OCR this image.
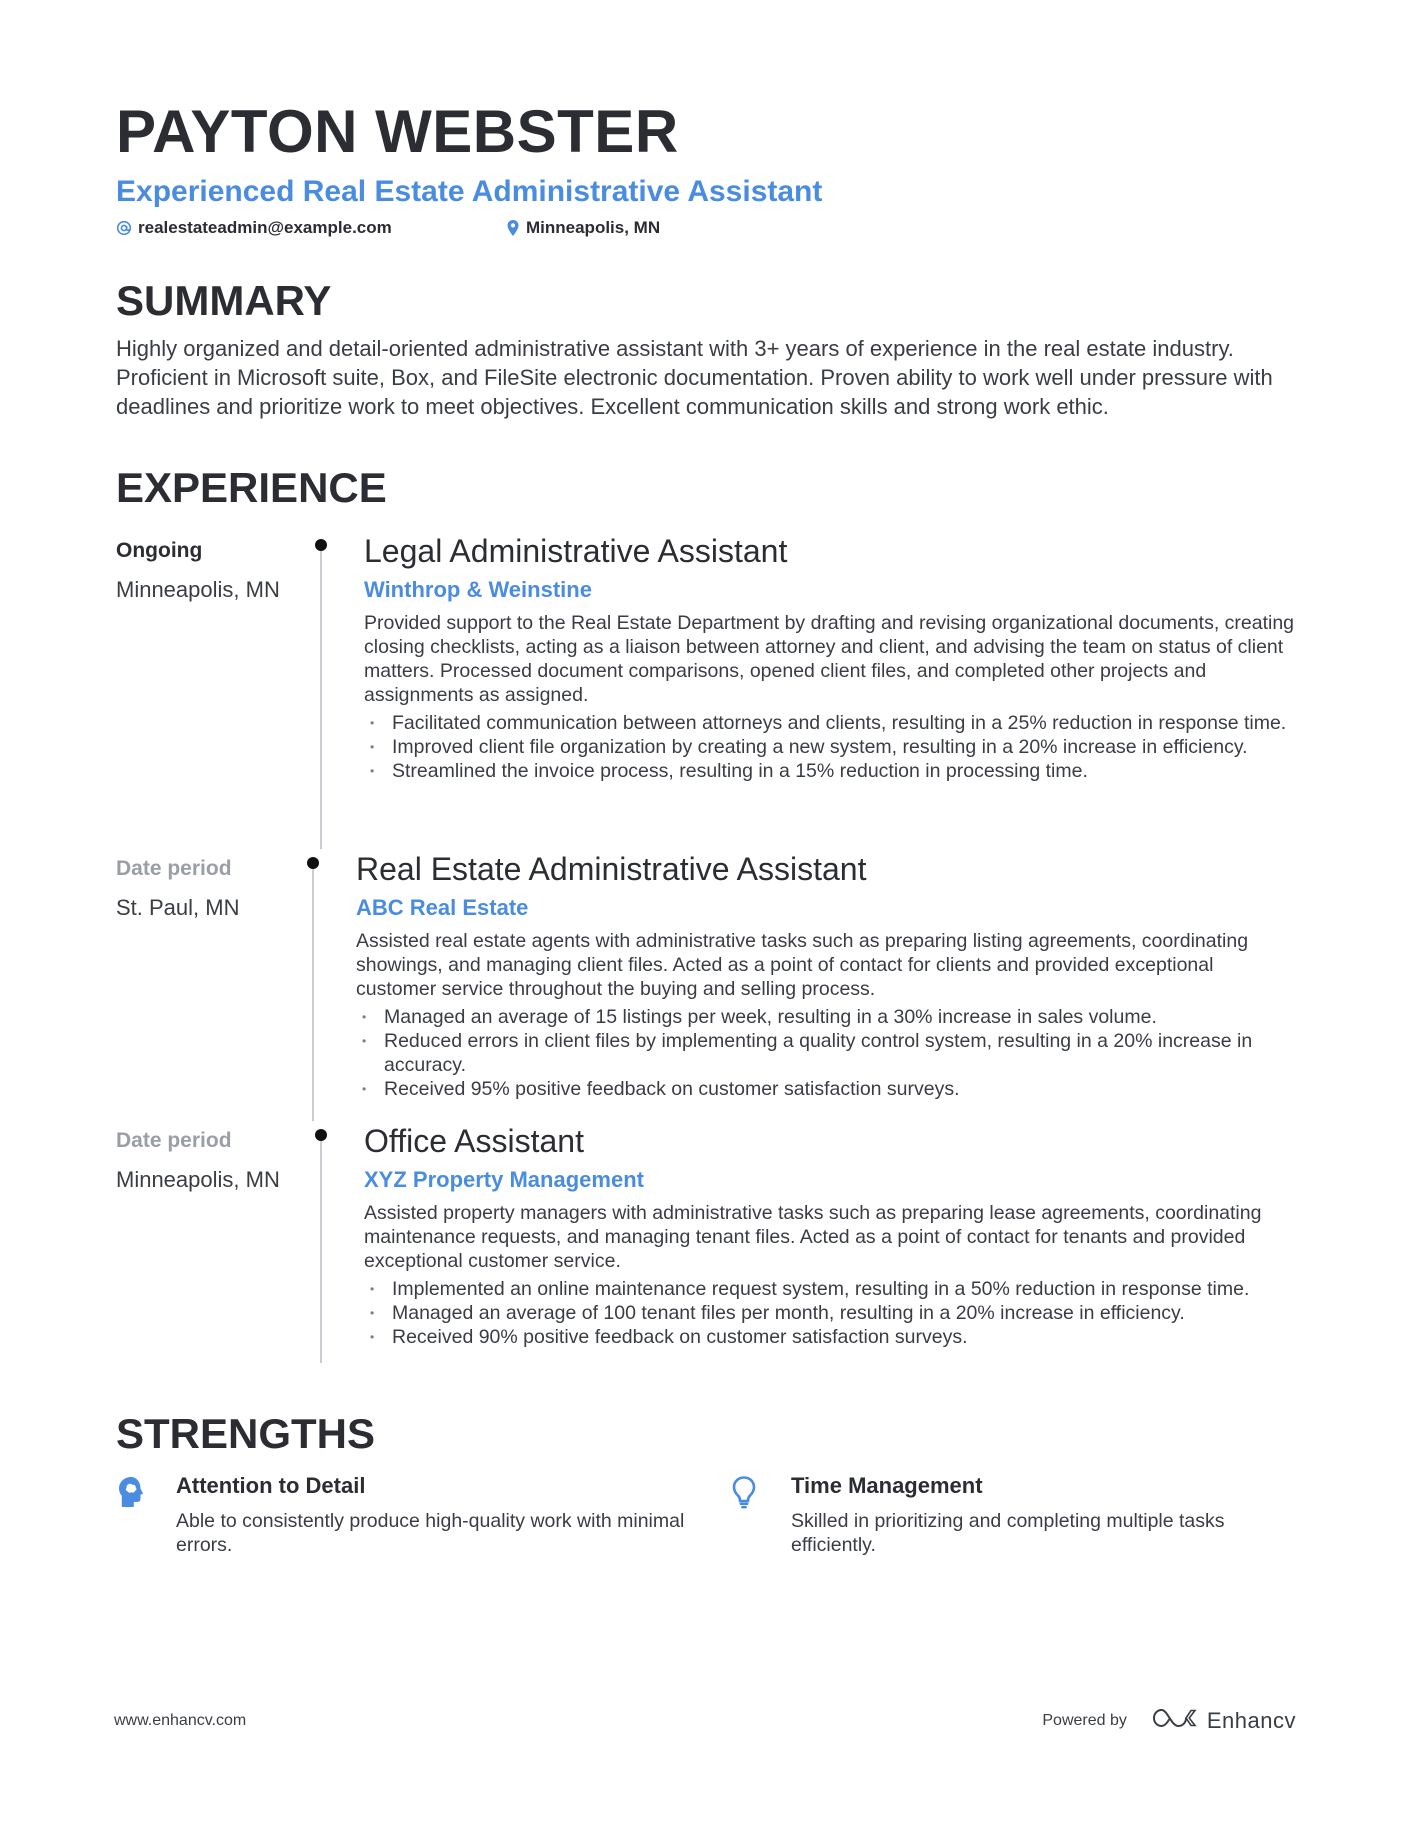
PAYTON WEBSTER
Experienced Real Estate Administrative Assistant
realestateadmin@example.com	Minneapolis, MN
SUMMARY
Highly organized and detail-oriented administrative assistant with 3+ years of experience in the real estate industry. Proficient in Microsoft suite, Box, and FileSite electronic documentation. Proven ability to work well under pressure with deadlines and prioritize work to meet objectives. Excellent communication skills and strong work ethic.
EXPERIENCE
Ongoing
Minneapolis, MN
Legal Administrative Assistant
Winthrop & Weinstine
Provided support to the Real Estate Department by drafting and revising organizational documents, creating closing checklists, acting as a liaison between attorney and client, and advising the team on status of client matters. Processed document comparisons, opened client files, and completed other projects and assignments as assigned.
• Facilitated communication between attorneys and clients, resulting in a 25% reduction in response time.
• Improved client file organization by creating a new system, resulting in a 20% increase in efficiency.
• Streamlined the invoice process, resulting in a 15% reduction in processing time.
Date period
St. Paul, MN
Real Estate Administrative Assistant
ABC Real Estate
Assisted real estate agents with administrative tasks such as preparing listing agreements, coordinating showings, and managing client files. Acted as a point of contact for clients and provided exceptional customer service throughout the buying and selling process.
• Managed an average of 15 listings per week, resulting in a 30% increase in sales volume.
• Reduced errors in client files by implementing a quality control system, resulting in a 20% increase in accuracy.
• Received 95% positive feedback on customer satisfaction surveys.
Date period
Minneapolis, MN
Office Assistant
XYZ Property Management
Assisted property managers with administrative tasks such as preparing lease agreements, coordinating maintenance requests, and managing tenant files. Acted as a point of contact for tenants and provided exceptional customer service.
• Implemented an online maintenance request system, resulting in a 50% reduction in response time.
• Managed an average of 100 tenant files per month, resulting in a 20% increase in efficiency.
• Received 90% positive feedback on customer satisfaction surveys.
STRENGTHS
Attention to Detail
Able to consistently produce high-quality work with minimal errors.
Time Management
Skilled in prioritizing and completing multiple tasks efficiently.
www.enhancv.com	Powered by	Enhancv
